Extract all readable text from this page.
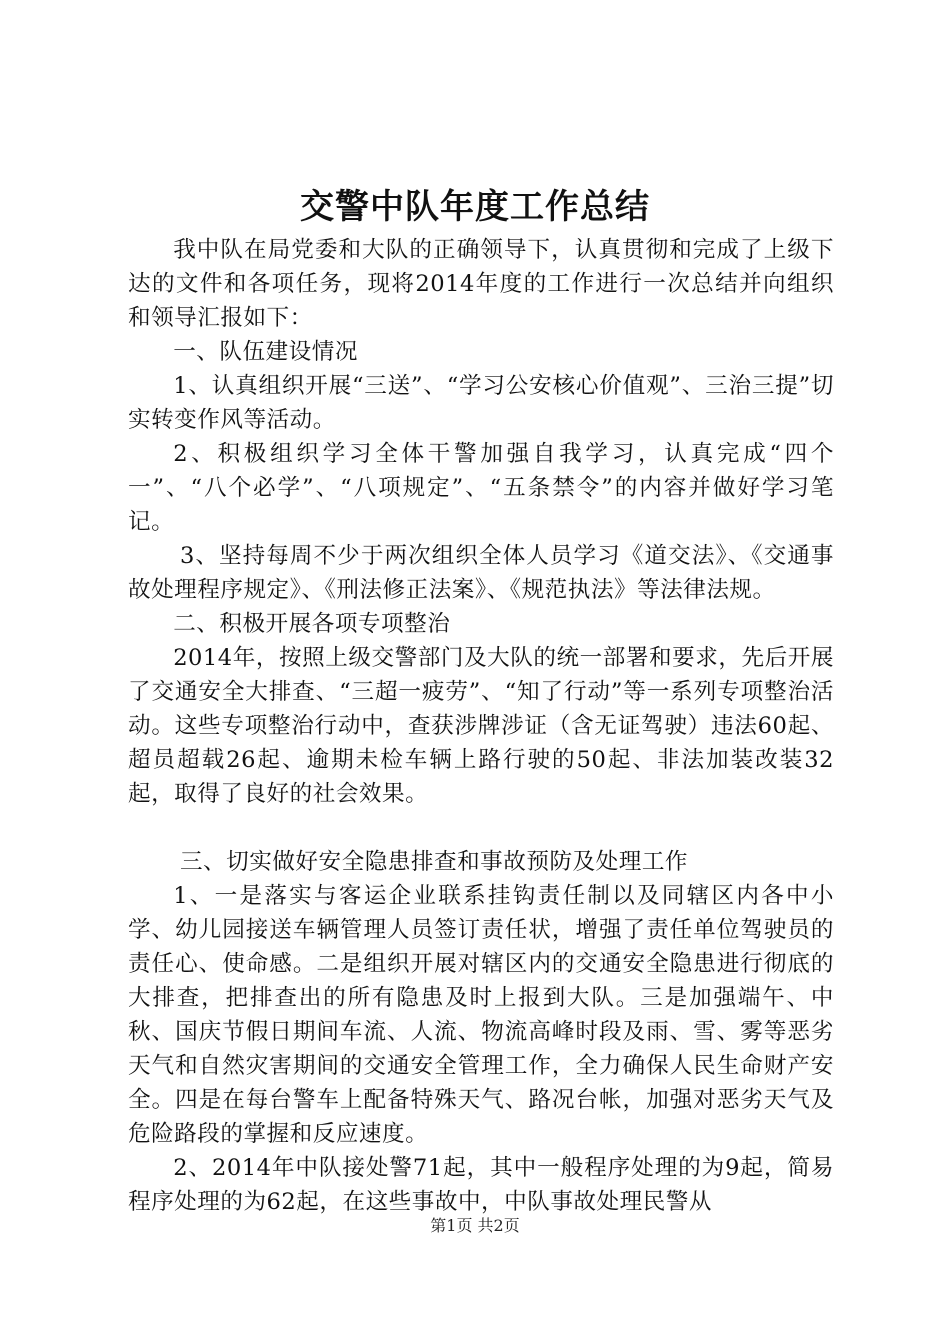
交警中队年度工作总结

我中队在局党委和大队的正确领导下，认真贯彻和完成了上级下达的文件和各项任务，现将2014年度的工作进行一次总结并向组织和领导汇报如下：

一、队伍建设情况

1、认真组织开展“三送”、“学习公安核心价值观”、三治三提”切实转变作风等活动。

2、积极组织学习全体干警加强自我学习，认真完成“四个一”、“八个必学”、“八项规定”、“五条禁令”的内容并做好学习笔记。

3、坚持每周不少于两次组织全体人员学习《道交法》、《交通事故处理程序规定》、《刑法修正法案》、《规范执法》等法律法规。

二、积极开展各项专项整治

2014年，按照上级交警部门及大队的统一部署和要求，先后开展了交通安全大排查、“三超一疲劳”、“知了行动”等一系列专项整治活动。这些专项整治行动中，查获涉牌涉证（含无证驾驶）违法60起、超员超载26起、逾期未检车辆上路行驶的50起、非法加装改装32起，取得了良好的社会效果。

三、切实做好安全隐患排查和事故预防及处理工作

1、一是落实与客运企业联系挂钩责任制以及同辖区内各中小学、幼儿园接送车辆管理人员签订责任状，增强了责任单位驾驶员的责任心、使命感。二是组织开展对辖区内的交通安全隐患进行彻底的大排查，把排查出的所有隐患及时上报到大队。三是加强端午、中秋、国庆节假日期间车流、人流、物流高峰时段及雨、雪、雾等恶劣天气和自然灾害期间的交通安全管理工作，全力确保人民生命财产安全。四是在每台警车上配备特殊天气、路况台帐，加强对恶劣天气及危险路段的掌握和反应速度。

2、2014年中队接处警71起，其中一般程序处理的为9起，简易程序处理的为62起，在这些事故中，中队事故处理民警从

第1页 共2页
